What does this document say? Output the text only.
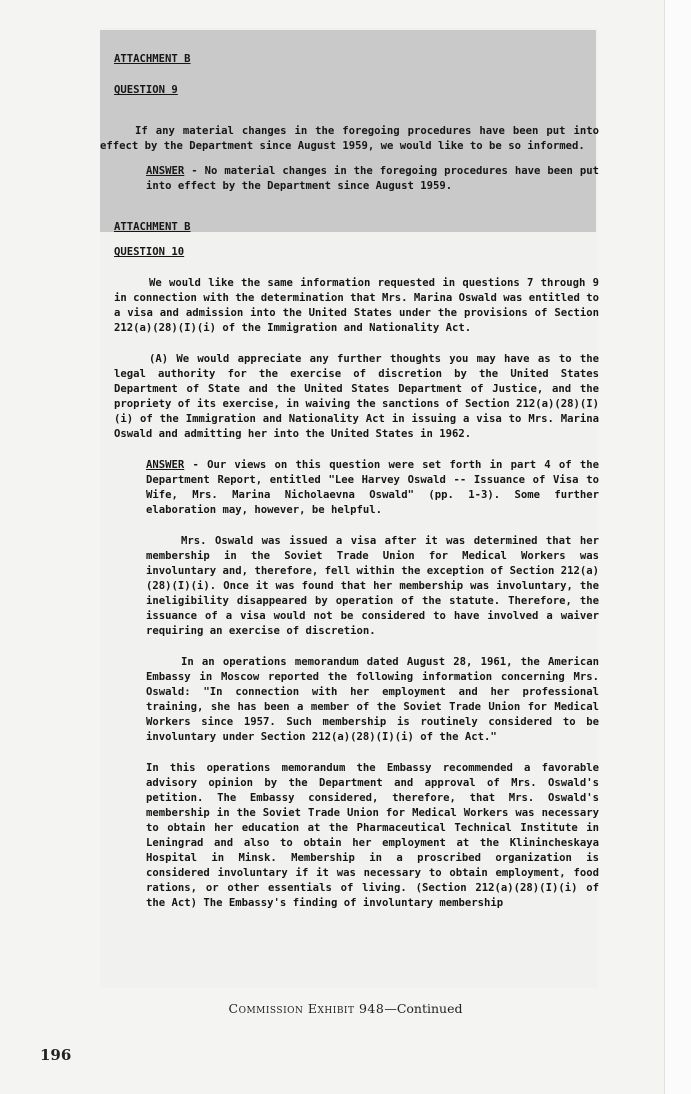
ATTACHMENT B

QUESTION 9

If any material changes in the foregoing procedures have been put into effect by the Department since August 1959, we would like to be so informed.

ANSWER - No material changes in the foregoing procedures have been put into effect by the Department since August 1959.

ATTACHMENT B

QUESTION 10

We would like the same information requested in questions 7 through 9 in connection with the determination that Mrs. Marina Oswald was entitled to a visa and admission into the United States under the provisions of Section 212(a)(28)(I)(i) of the Immigration and Nationality Act.

(A) We would appreciate any further thoughts you may have as to the legal authority for the exercise of discretion by the United States Department of State and the United States Department of Justice, and the propriety of its exercise, in waiving the sanctions of Section 212(a)(28)(I)(i) of the Immigration and Nationality Act in issuing a visa to Mrs. Marina Oswald and admitting her into the United States in 1962.

ANSWER - Our views on this question were set forth in part 4 of the Department Report, entitled "Lee Harvey Oswald -- Issuance of Visa to Wife, Mrs. Marina Nicholaevna Oswald" (pp. 1-3). Some further elaboration may, however, be helpful.

Mrs. Oswald was issued a visa after it was determined that her membership in the Soviet Trade Union for Medical Workers was involuntary and, therefore, fell within the exception of Section 212(a)(28)(I)(i). Once it was found that her membership was involuntary, the ineligibility disappeared by operation of the statute. Therefore, the issuance of a visa would not be considered to have involved a waiver requiring an exercise of discretion.

In an operations memorandum dated August 28, 1961, the American Embassy in Moscow reported the following information concerning Mrs. Oswald: "In connection with her employment and her professional training, she has been a member of the Soviet Trade Union for Medical Workers since 1957. Such membership is routinely considered to be involuntary under Section 212(a)(28)(I)(i) of the Act."

In this operations memorandum the Embassy recommended a favorable advisory opinion by the Department and approval of Mrs. Oswald's petition. The Embassy considered, therefore, that Mrs. Oswald's membership in the Soviet Trade Union for Medical Workers was necessary to obtain her education at the Pharmaceutical Technical Institute in Leningrad and also to obtain her employment at the Klinincheskaya Hospital in Minsk. Membership in a proscribed organization is considered involuntary if it was necessary to obtain employment, food rations, or other essentials of living. (Section 212(a)(28)(I)(i) of the Act) The Embassy's finding of involuntary membership

Commission Exhibit 948—Continued
196
